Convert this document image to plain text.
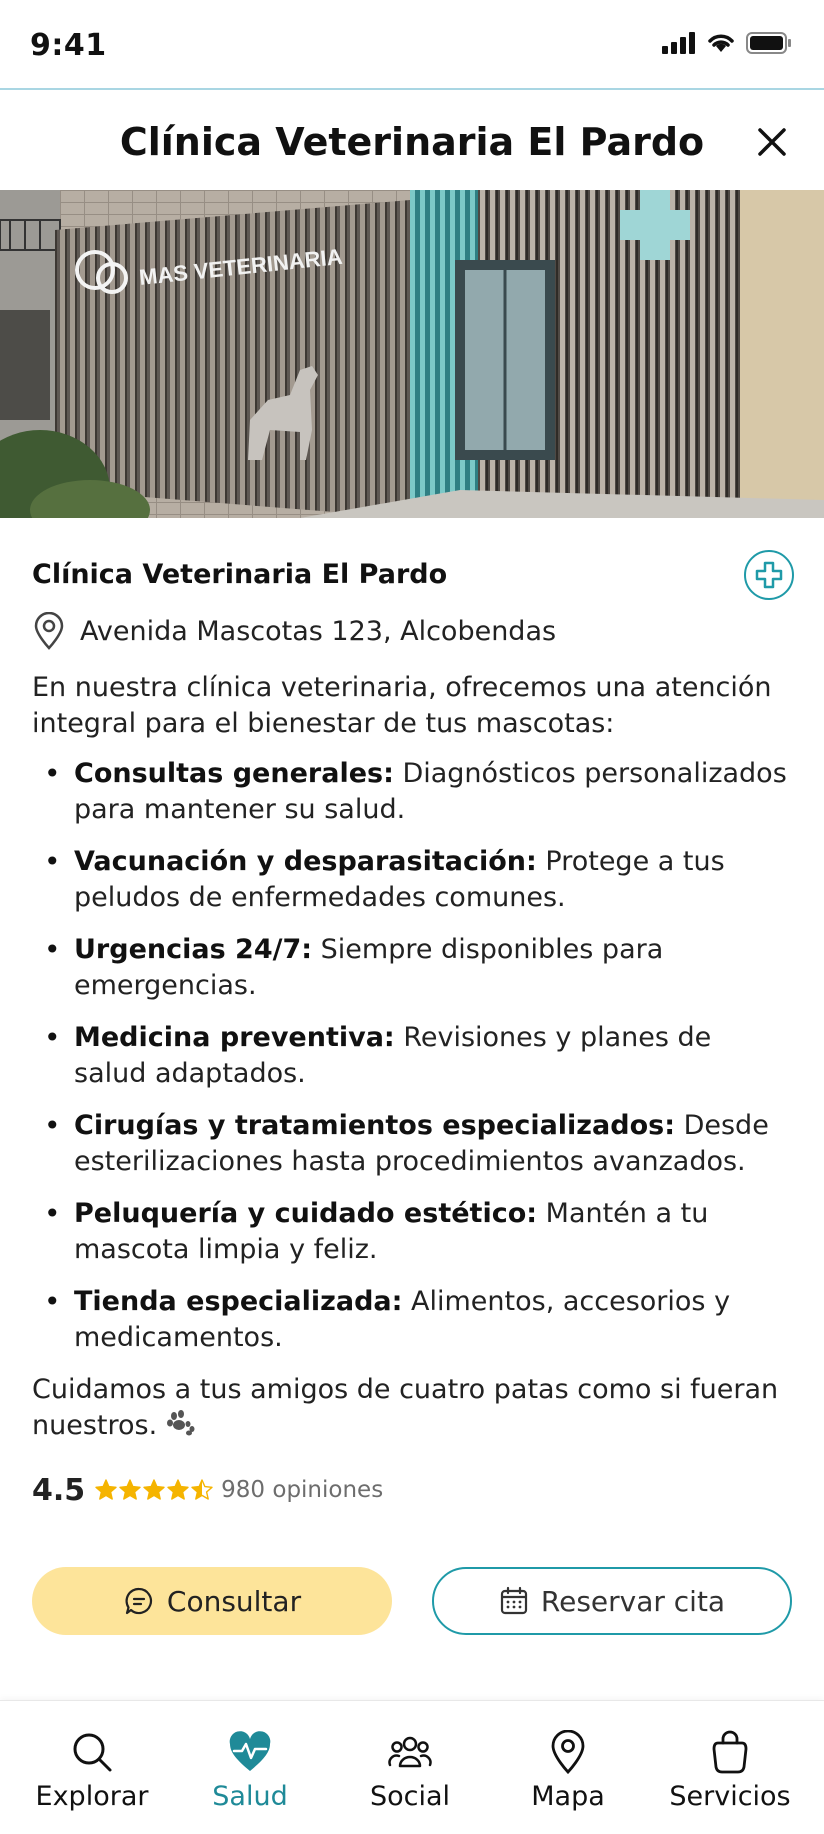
9:41
Clínica Veterinaria El Pardo
MAS VETERINARIA
Clínica Veterinaria El Pardo
Avenida Mascotas 123, Alcobendas

En nuestra clínica veterinaria, ofrecemos una atención integral para el bienestar de tus mascotas:

• Consultas generales: Diagnósticos personalizados para mantener su salud.
• Vacunación y desparasitación: Protege a tus peludos de enfermedades comunes.
• Urgencias 24/7: Siempre disponibles para emergencias.
• Medicina preventiva: Revisiones y planes de salud adaptados.
• Cirugías y tratamientos especializados: Desde esterilizaciones hasta procedimientos avanzados.
• Peluquería y cuidado estético: Mantén a tu mascota limpia y feliz.
• Tienda especializada: Alimentos, accesorios y medicamentos.

Cuidamos a tus amigos de cuatro patas como si fueran nuestros.

4.5	980 opiniones
Consultar	Reservar cita
Explorar Salud	Social	Mapa Servicios
